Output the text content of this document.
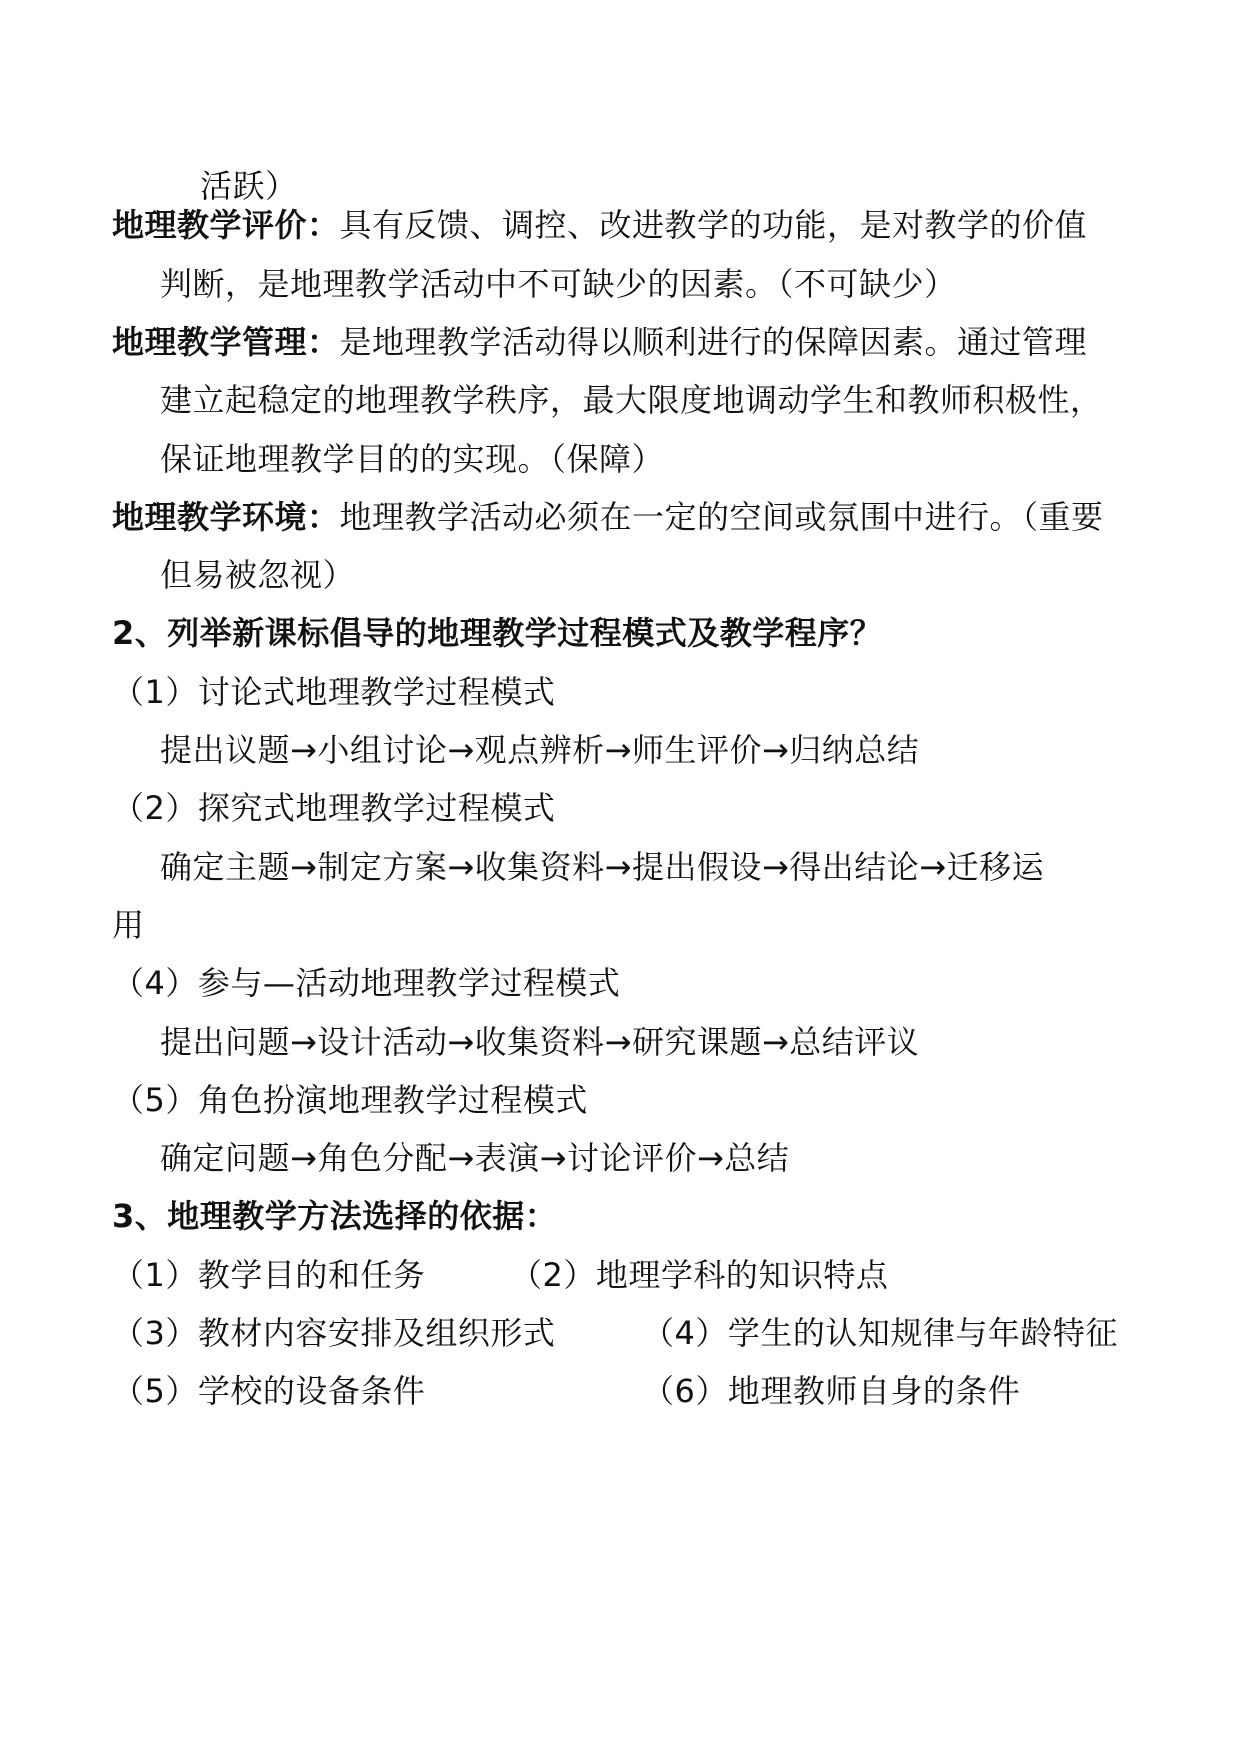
活跃）
地理教学评价：具有反馈、调控、改进教学的功能，是对教学的价值
判断，是地理教学活动中不可缺少的因素。（不可缺少）
地理教学管理：是地理教学活动得以顺利进行的保障因素。通过管理
建立起稳定的地理教学秩序，最大限度地调动学生和教师积极性，
保证地理教学目的的实现。（保障）
地理教学环境：地理教学活动必须在一定的空间或氛围中进行。（重要
但易被忽视）
2、列举新课标倡导的地理教学过程模式及教学程序？
（1）讨论式地理教学过程模式
提出议题→小组讨论→观点辨析→师生评价→归纳总结
（2）探究式地理教学过程模式
确定主题→制定方案→收集资料→提出假设→得出结论→迁移运
用
（4）参与—活动地理教学过程模式
提出问题→设计活动→收集资料→研究课题→总结评议
（5）角色扮演地理教学过程模式
确定问题→角色分配→表演→讨论评价→总结
3、地理教学方法选择的依据：
（1）教学目的和任务	（2）地理学科的知识特点
（3）教材内容安排及组织形式	（4）学生的认知规律与年龄特征
（5）学校的设备条件	（6）地理教师自身的条件
